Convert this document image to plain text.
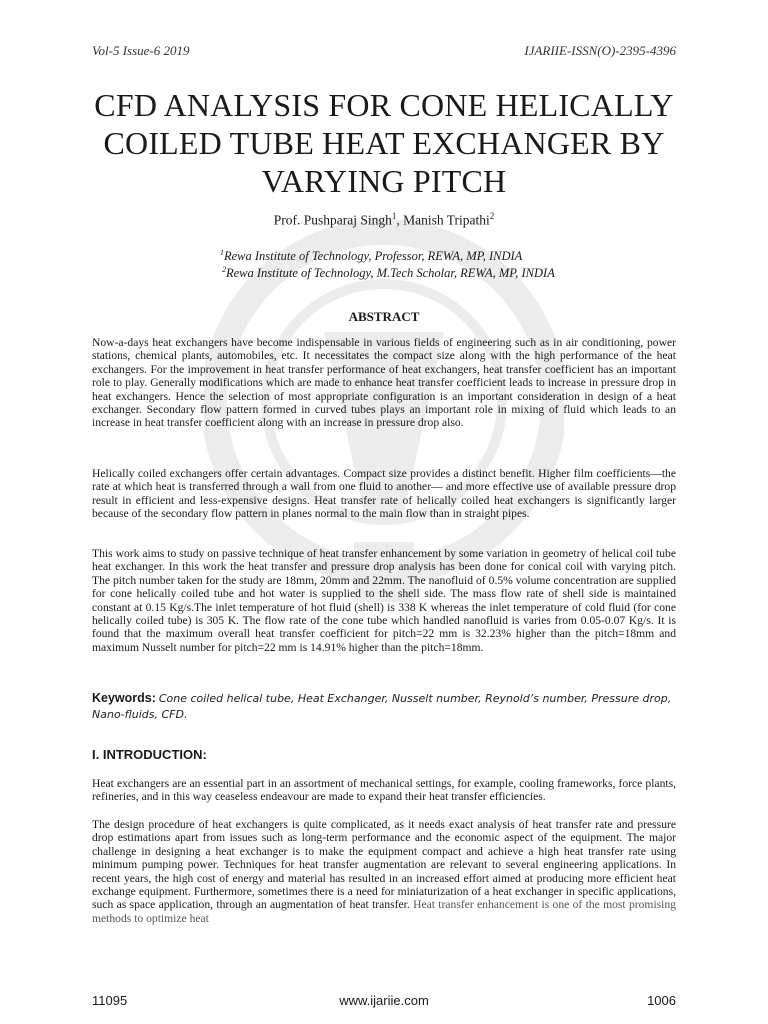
Vol-5 Issue-6 2019	IJARIIE-ISSN(O)-2395-4396
CFD ANALYSIS FOR CONE HELICALLY
COILED TUBE HEAT EXCHANGER BY
VARYING PITCH
Prof. Pushparaj Singh$^1$, Manish Tripathi$^2$
$^1$Rewa Institute of Technology, Professor, REWA, MP, INDIA
$^2$Rewa Institute of Technology, M.Tech Scholar, REWA, MP, INDIA
ABSTRACT

Now-a-days heat exchangers have become indispensable in various fields of engineering such as in air conditioning, power stations, chemical plants, automobiles, etc. It necessitates the compact size along with the high performance of the heat exchangers. For the improvement in heat transfer performance of heat exchangers, heat transfer coefficient has an important role to play. Generally modifications which are made to enhance heat transfer coefficient leads to increase in pressure drop in heat exchangers. Hence the selection of most appropriate configuration is an important consideration in design of a heat exchanger. Secondary flow pattern formed in curved tubes plays an important role in mixing of fluid which leads to an increase in heat transfer coefficient along with an increase in pressure drop also.

Helically coiled exchangers offer certain advantages. Compact size provides a distinct benefit. Higher film coefficients—the rate at which heat is transferred through a wall from one fluid to another— and more effective use of available pressure drop result in efficient and less-expensive designs. Heat transfer rate of helically coiled heat exchangers is significantly larger because of the secondary flow pattern in planes normal to the main flow than in straight pipes.

This work aims to study on passive technique of heat transfer enhancement by some variation in geometry of helical coil tube heat exchanger. In this work the heat transfer and pressure drop analysis has been done for conical coil with varying pitch. The pitch number taken for the study are 18mm, 20mm and 22mm. The nanofluid of 0.5% volume concentration are supplied for cone helically coiled tube and hot water is supplied to the shell side. The mass flow rate of shell side is maintained constant at 0.15 Kg/s.The inlet temperature of hot fluid (shell) is 338 K whereas the inlet temperature of cold fluid (for cone helically coiled tube) is 305 K. The flow rate of the cone tube which handled nanofluid is varies from 0.05-0.07 Kg/s. It is found that the maximum overall heat transfer coefficient for pitch=22 mm is 32.23% higher than the pitch=18mm and maximum Nusselt number for pitch=22 mm is 14.91% higher than the pitch=18mm.

Keywords: Cone coiled helical tube, Heat Exchanger, Nusselt number, Reynold’s number, Pressure drop, Nano-fluids, CFD.
I. INTRODUCTION:

Heat exchangers are an essential part in an assortment of mechanical settings, for example, cooling frameworks, force plants, refineries, and in this way ceaseless endeavour are made to expand their heat transfer efficiencies.

The design procedure of heat exchangers is quite complicated, as it needs exact analysis of heat transfer rate and pressure drop estimations apart from issues such as long-term performance and the economic aspect of the equipment. The major challenge in designing a heat exchanger is to make the equipment compact and achieve a high heat transfer rate using minimum pumping power. Techniques for heat transfer augmentation are relevant to several engineering applications. In recent years, the high cost of energy and material has resulted in an increased effort aimed at producing more efficient heat exchange equipment. Furthermore, sometimes there is a need for miniaturization of a heat exchanger in specific applications, such as space application, through an augmentation of heat transfer. Heat transfer enhancement is one of the most promising methods to optimize heat

11095	www.ijariie.com	1006
